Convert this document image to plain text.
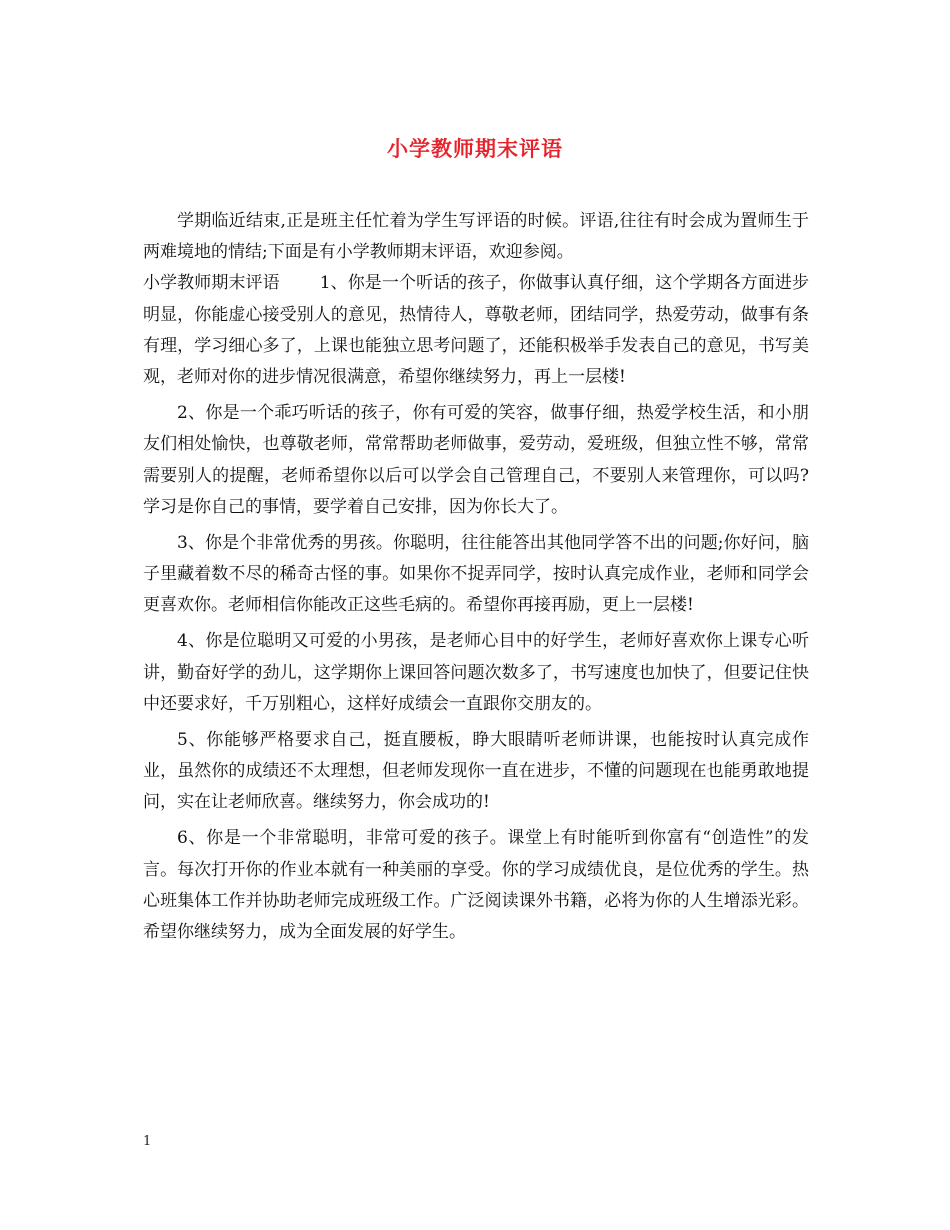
小学教师期末评语

学期临近结束,正是班主任忙着为学生写评语的时候。评语,往往有时会成为置师生于两难境地的情结;下面是有小学教师期末评语，欢迎参阅。

小学教师期末评语 1、你是一个听话的孩子，你做事认真仔细，这个学期各方面进步明显，你能虚心接受别人的意见，热情待人，尊敬老师，团结同学，热爱劳动，做事有条有理，学习细心多了，上课也能独立思考问题了，还能积极举手发表自己的意见，书写美观，老师对你的进步情况很满意，希望你继续努力，再上一层楼!

2、你是一个乖巧听话的孩子，你有可爱的笑容，做事仔细，热爱学校生活，和小朋友们相处愉快，也尊敬老师，常常帮助老师做事，爱劳动，爱班级，但独立性不够，常常需要别人的提醒，老师希望你以后可以学会自己管理自己，不要别人来管理你，可以吗?学习是你自己的事情，要学着自己安排，因为你长大了。

3、你是个非常优秀的男孩。你聪明，往往能答出其他同学答不出的问题;你好问，脑子里藏着数不尽的稀奇古怪的事。如果你不捉弄同学，按时认真完成作业，老师和同学会更喜欢你。老师相信你能改正这些毛病的。希望你再接再励，更上一层楼!

4、你是位聪明又可爱的小男孩，是老师心目中的好学生，老师好喜欢你上课专心听讲，勤奋好学的劲儿，这学期你上课回答问题次数多了，书写速度也加快了，但要记住快中还要求好，千万别粗心，这样好成绩会一直跟你交朋友的。

5、你能够严格要求自己，挺直腰板，睁大眼睛听老师讲课，也能按时认真完成作业，虽然你的成绩还不太理想，但老师发现你一直在进步，不懂的问题现在也能勇敢地提问，实在让老师欣喜。继续努力，你会成功的!

6、你是一个非常聪明，非常可爱的孩子。课堂上有时能听到你富有“创造性”的发言。每次打开你的作业本就有一种美丽的享受。你的学习成绩优良，是位优秀的学生。热心班集体工作并协助老师完成班级工作。广泛阅读课外书籍，必将为你的人生增添光彩。希望你继续努力，成为全面发展的好学生。

1
